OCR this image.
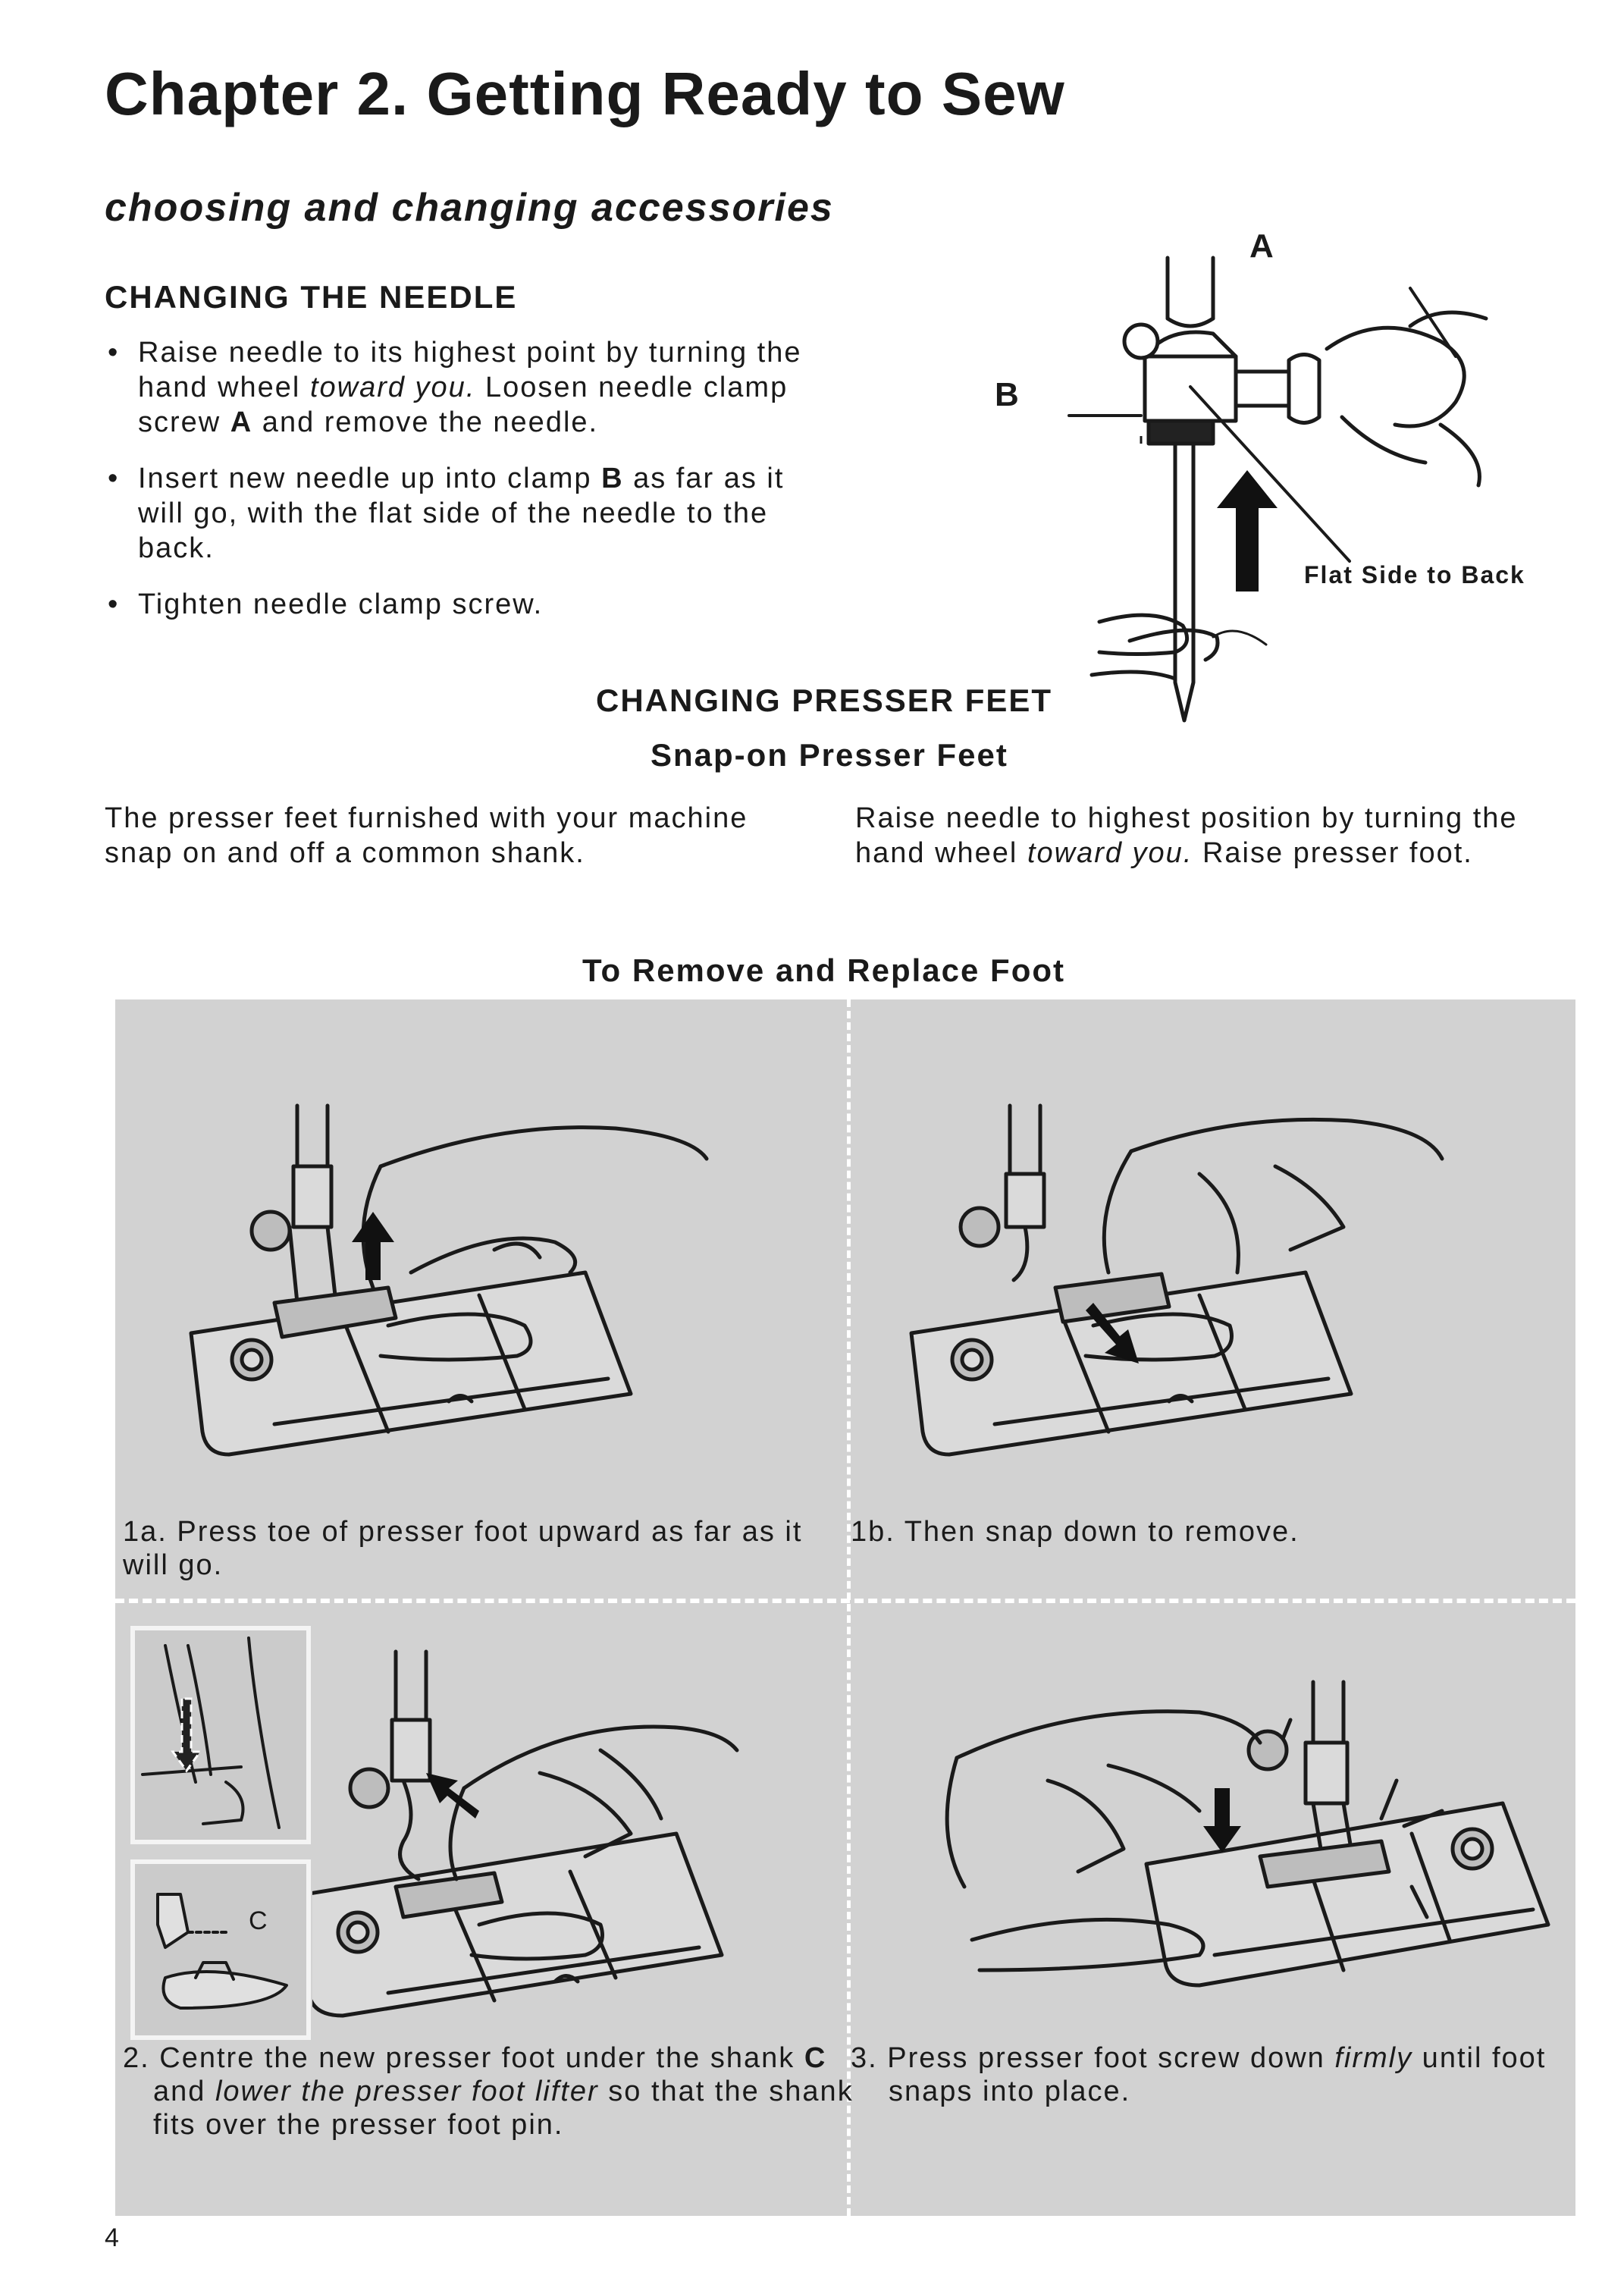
Chapter 2. Getting Ready to Sew
choosing and changing accessories
CHANGING THE NEEDLE
• Raise needle to its highest point by turning the hand wheel toward you. Loosen needle clamp screw A and remove the needle.
• Insert new needle up into clamp B as far as it will go, with the flat side of the needle to the back.
• Tighten needle clamp screw.
A
B
Flat Side to Back
CHANGING PRESSER FEET
Snap-on Presser Feet
The presser feet furnished with your machine snap on and off a common shank.
Raise needle to highest position by turning the hand wheel toward you. Raise presser foot.
To Remove and Replace Foot
1a. Press toe of presser foot upward as far as it will go.
1b. Then snap down to remove.
C
2. Centre the new presser foot under the shank C and lower the presser foot lifter so that the shank fits over the presser foot pin.
3. Press presser foot screw down firmly until foot snaps into place.
4
